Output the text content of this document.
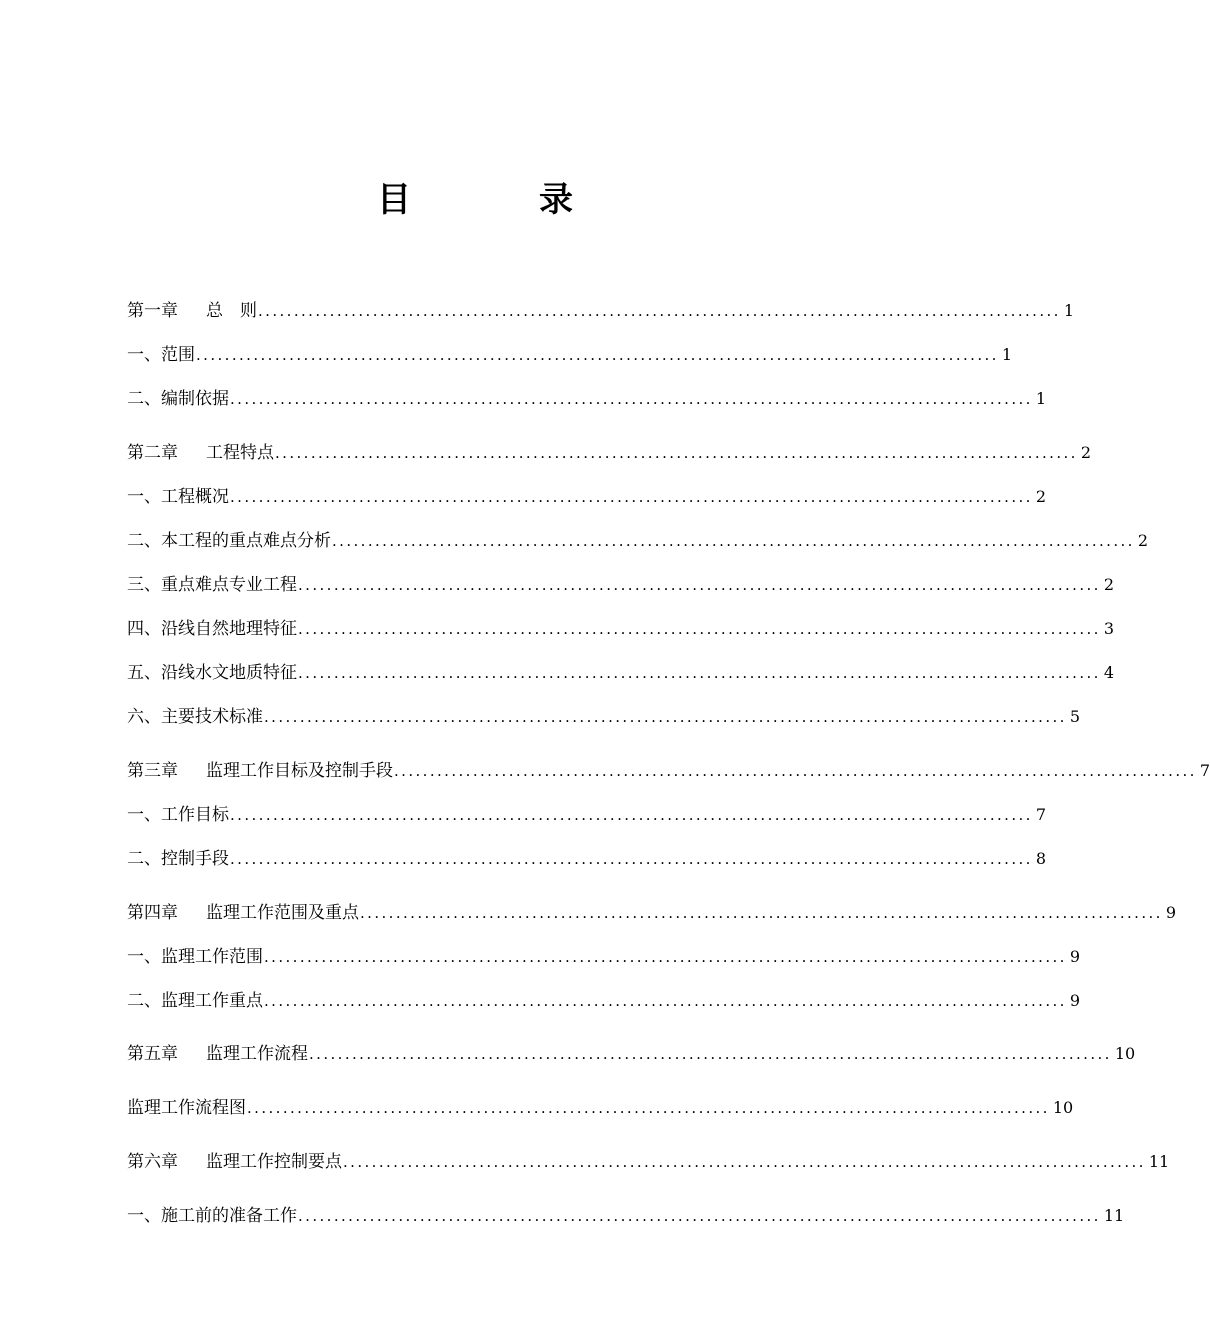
目	录
第一章 总　则 ................................................................................................................ 1
一、范围 ................................................................................................................ 1
二、编制依据 ................................................................................................................ 1
第二章 工程特点 ................................................................................................................ 2
一、工程概况 ................................................................................................................ 2
二、本工程的重点难点分析 ................................................................................................................ 2
三、重点难点专业工程 ................................................................................................................ 2
四、沿线自然地理特征 ................................................................................................................ 3
五、沿线水文地质特征 ................................................................................................................ 4
六、主要技术标准 ................................................................................................................ 5
第三章 监理工作目标及控制手段 ................................................................................................................ 7
一、工作目标 ................................................................................................................ 7
二、控制手段 ................................................................................................................ 8
第四章 监理工作范围及重点 ................................................................................................................ 9
一、监理工作范围 ................................................................................................................ 9
二、监理工作重点 ................................................................................................................ 9
第五章 监理工作流程 ................................................................................................................ 10
监理工作流程图 ................................................................................................................ 10
第六章 监理工作控制要点 ................................................................................................................ 11
一、施工前的准备工作 ................................................................................................................ 11
